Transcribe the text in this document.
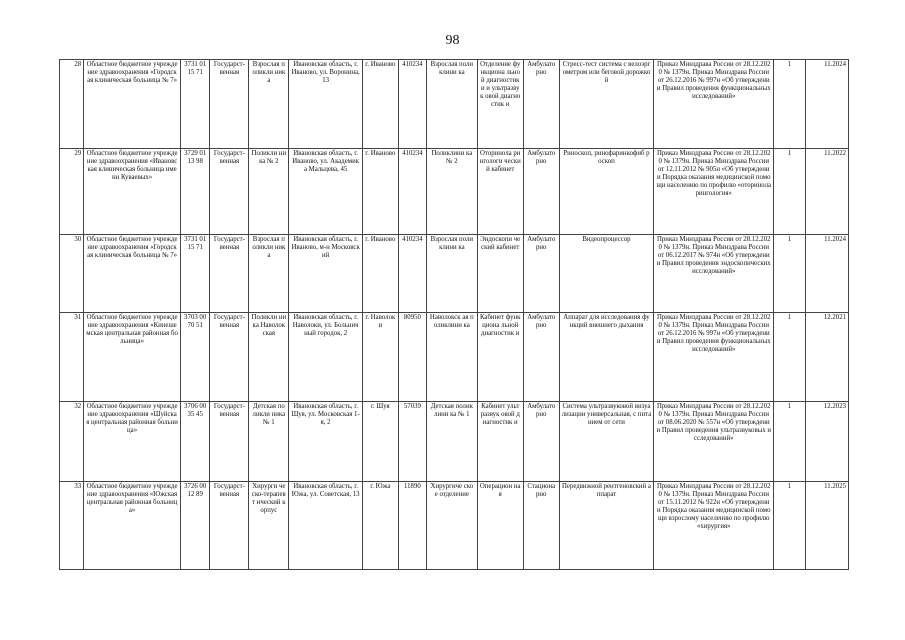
98
28	Областное бюджетное учреждение здравоохранения «Городская клиническая больница № 7»	3731 0115 71	Государст-венная	Взрослая поликли ника	Ивановская область, г. Иваново, ул. Воронина, 13	г. Иваново	410234	Взрослая поликлини ка	Отделение функциона льной диагностик и и ультразвук овой диагностик и	Амбулато рно	Стресс-тест система с велоэргометром или беговой дорожкой	Приказ Минздрава России от 28.12.2020 № 1379н. Приказ Минздрава России от 26.12.2016 № 997н «Об утверждении Правил проведения функциональных исследований»	1	11.2024
29	Областное бюджетное учреждение здравоохранения «Ивановская клиническая больница имени Куваевых»	3729 0113 98	Государст-венная	Поликли ника № 2	Ивановская область, г. Иваново, ул. Академика Мальцева, 45	г. Иваново	410234	Поликлини ка № 2	Оторинола рингологи ческий кабинет	Амбулато рно	Риноскоп, ринофаринкофиб роскоп	Приказ Минздрава России от 28.12.2020 № 1379н. Приказ Минздрава России от 12.11.2012 № 905н «Об утверждении Порядка оказания медицинской помощи населению по профилю «оториноларингология»	1	11.2022
30	Областное бюджетное учреждение здравоохранения «Городская клиническая больница № 7»	3731 0115 71	Государст-венная	Взрослая поликли ника	Ивановская область, г. Иваново, м-н Московский	г. Иваново	410234	Взрослая поликлини ка	Эндоскопи ческий кабинет	Амбулато рно	Видеопроцессор	Приказ Минздрава России от 28.12.2020 № 1379н. Приказ Минздрава России от 06.12.2017 № 974н «Об утверждении Правил проведения эндоскопических исследований»	1	11.2024
31	Областное бюджетное учреждение здравоохранения «Кинешемская центральная районная больница»	3703 0070 51	Государст-венная	Поликли ника Наволок ская	Ивановская область, г. Наволоки, ул. Больничный городок, 2	г. Наволок и	80950	Наволокск ая поликлини ка	Кабинет функциона льной диагностик и	Амбулато рно	Аппарат для исследования функций внешнего дыхания	Приказ Минздрава России от 28.12.2020 № 1379н. Приказ Минздрава России от 26.12.2016 № 997н «Об утверждении Правил проведения функциональных исследований»	1	12.2021
32	Областное бюджетное учреждение здравоохранения «Шуйская центральная районная больница»	3706 0035 45	Государст-венная	Детская поликли ника № 1	Ивановская область, г. Шуя, ул. Московская 1-я, 2	г. Шуя	57039	Детская поликлини ка № 1	Кабинет ультразвук овой диагностик и	Амбулато рно	Система ультразвуковой визуализации универсальная, с питанием от сети	Приказ Минздрава России от 28.12.2020 № 1379н. Приказ Минздрава России от 08.06.2020 № 557н «Об утверждении Правил проведения ультразвуковых исследований»	1	12.2023
33	Областное бюджетное учреждение здравоохранения «Южская центральная районная больница»	3726 0012 89	Государст-венная	Хирурги ческо-терапевт ический корпус	Ивановская область, г. Южа, ул. Советская, 13	г. Южа	11890	Хирургиче ское отделение	Операцион ная	Стациона рно	Передвижной рентгеновский аппарат	Приказ Минздрава России от 28.12.2020 № 1379н. Приказ Минздрава России от 15.11.2012 № 922н «Об утверждении Порядка оказания медицинской помощи взрослому населению по профилю «хирургия»	1	11.2025
